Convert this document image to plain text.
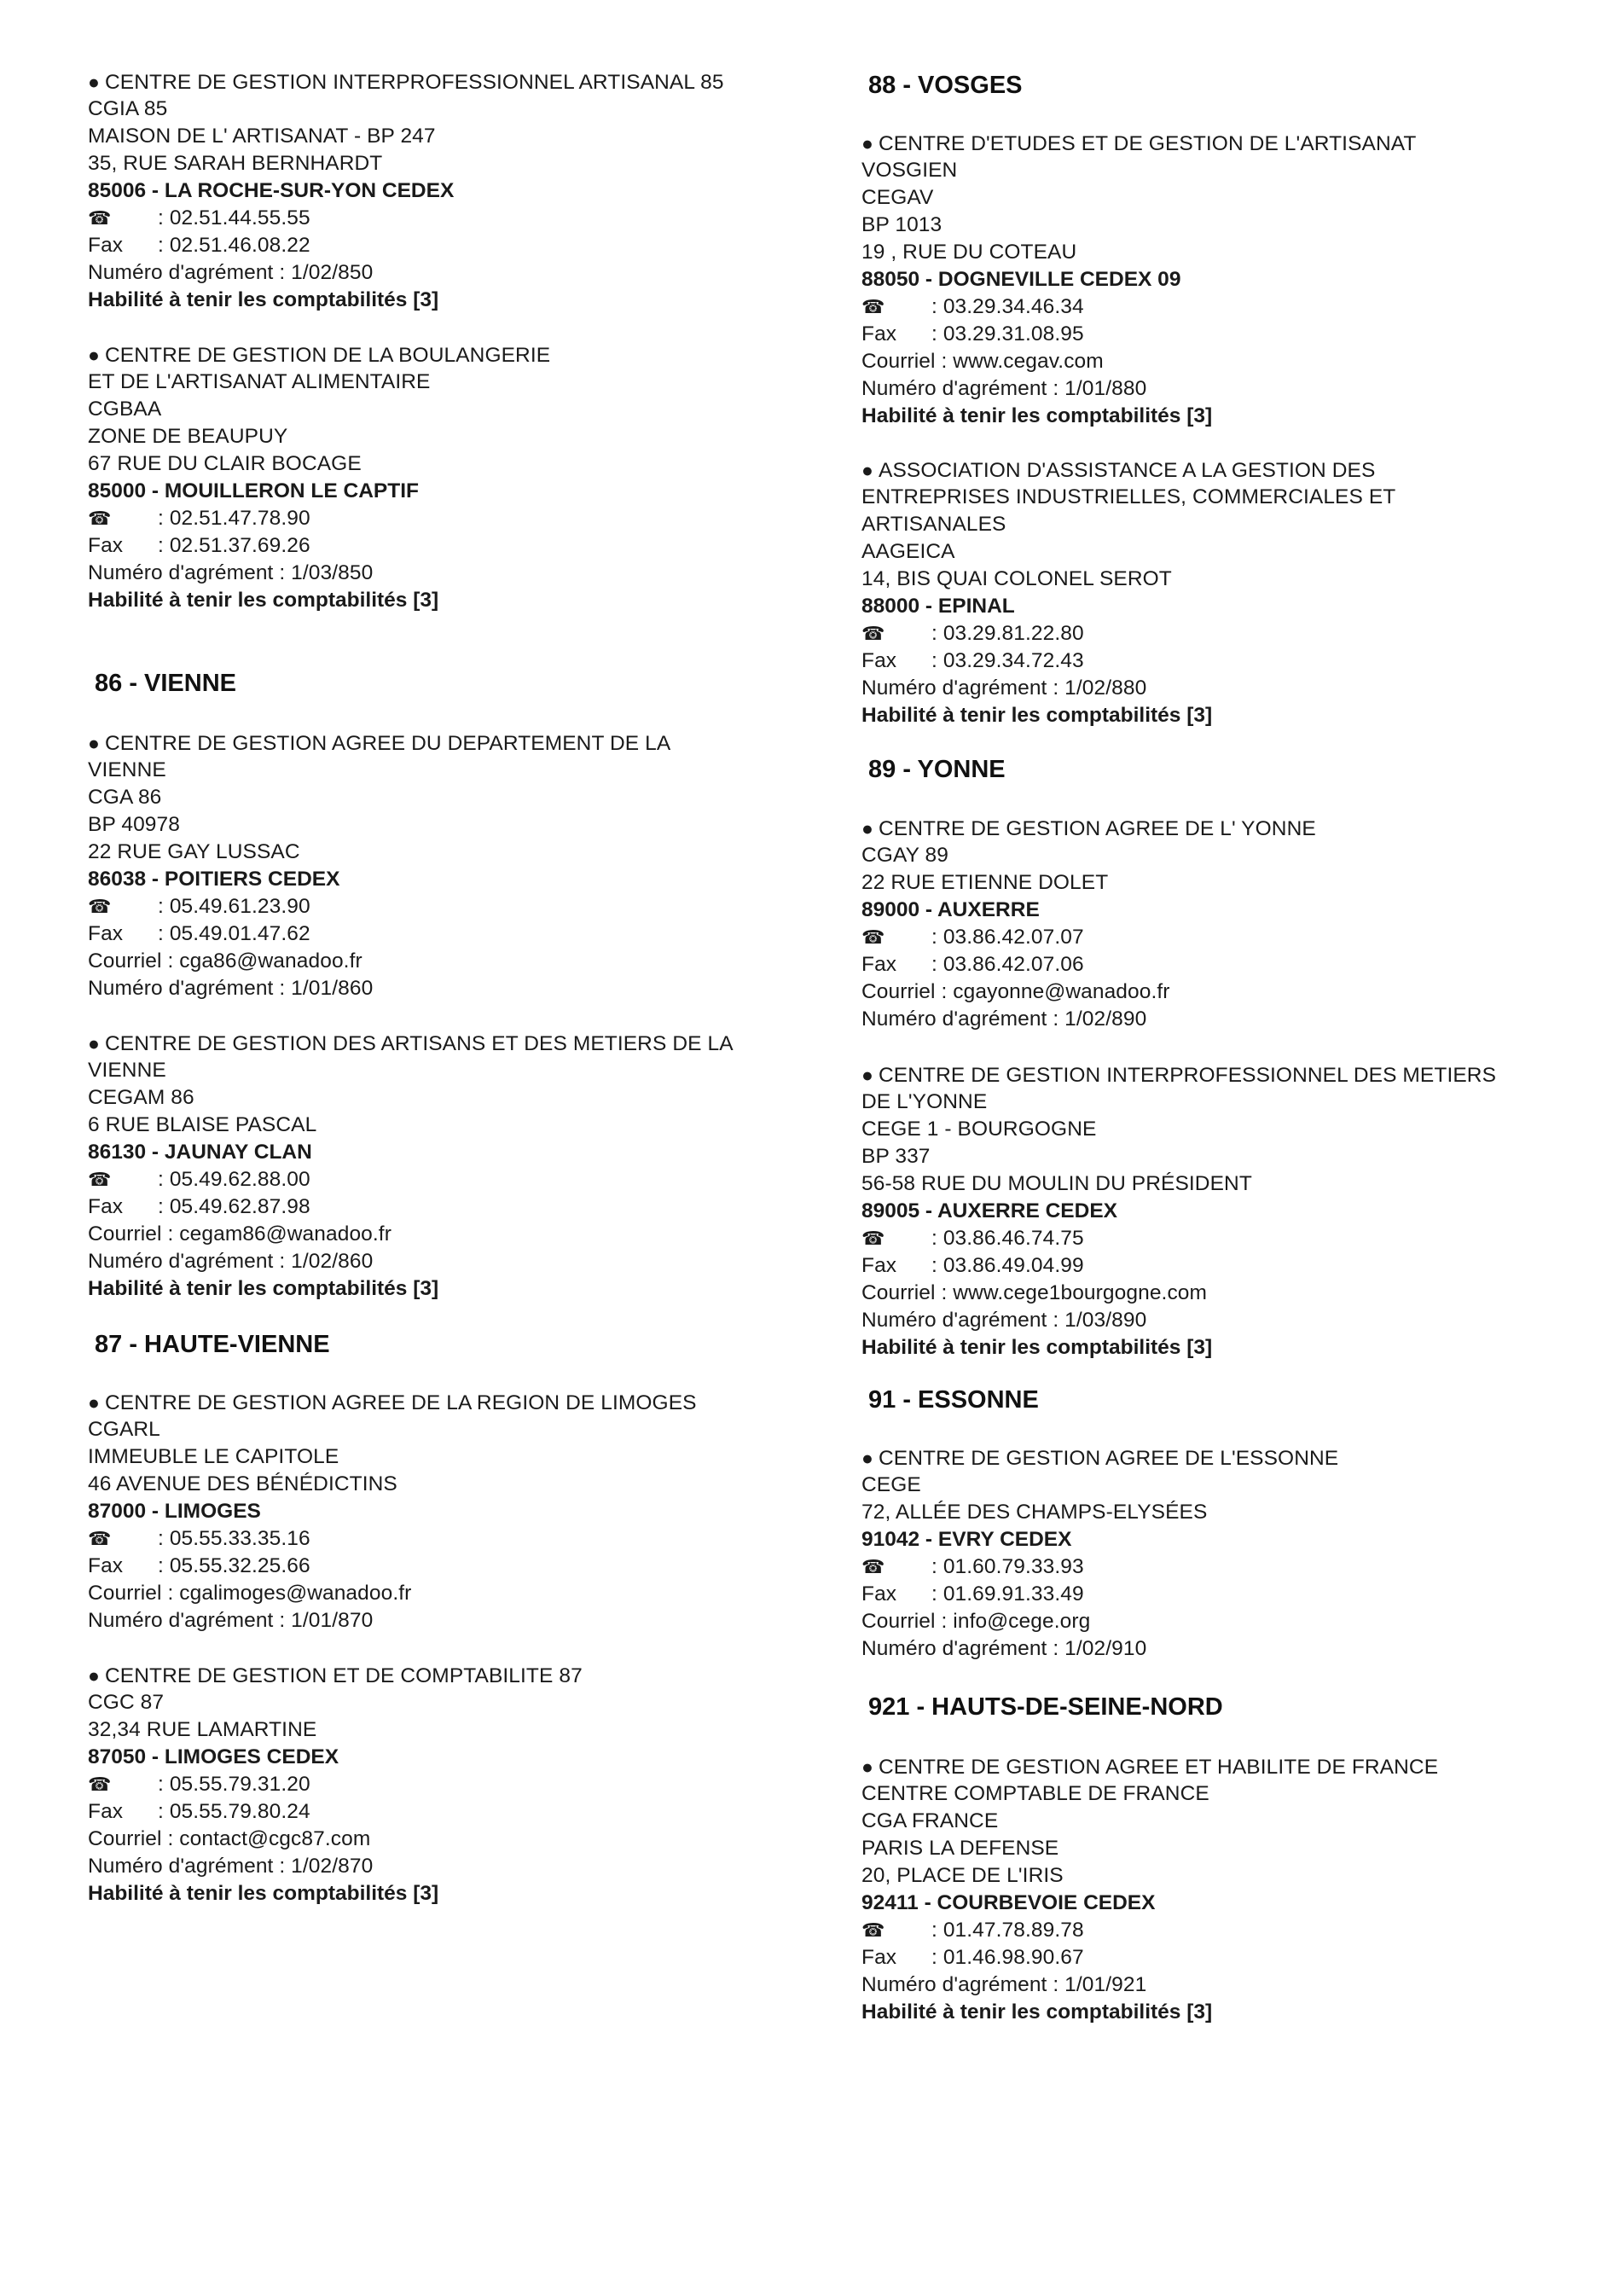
● CENTRE DE GESTION INTERPROFESSIONNEL ARTISANAL 85
CGIA 85
MAISON DE L' ARTISANAT - BP 247
35, RUE SARAH BERNHARDT
85006 - LA ROCHE-SUR-YON CEDEX
☎ : 02.51.44.55.55
Fax : 02.51.46.08.22
Numéro d'agrément : 1/02/850
Habilité à tenir les comptabilités [3]
● CENTRE DE GESTION DE LA BOULANGERIE
ET DE L'ARTISANAT ALIMENTAIRE
CGBAA
ZONE DE BEAUPUY
67 RUE DU CLAIR BOCAGE
85000 - MOUILLERON LE CAPTIF
☎ : 02.51.47.78.90
Fax : 02.51.37.69.26
Numéro d'agrément : 1/03/850
Habilité à tenir les comptabilités [3]
86 - VIENNE
● CENTRE DE GESTION AGREE DU DEPARTEMENT DE LA
VIENNE
CGA 86
BP 40978
22 RUE GAY LUSSAC
86038 - POITIERS CEDEX
☎ : 05.49.61.23.90
Fax : 05.49.01.47.62
Courriel : cga86@wanadoo.fr
Numéro d'agrément : 1/01/860
● CENTRE DE GESTION DES ARTISANS ET DES METIERS DE LA
VIENNE
CEGAM 86
6 RUE BLAISE PASCAL
86130 - JAUNAY CLAN
☎ : 05.49.62.88.00
Fax : 05.49.62.87.98
Courriel : cegam86@wanadoo.fr
Numéro d'agrément : 1/02/860
Habilité à tenir les comptabilités [3]
87 - HAUTE-VIENNE
● CENTRE DE GESTION AGREE DE LA REGION DE LIMOGES
CGARL
IMMEUBLE LE CAPITOLE
46 AVENUE DES BÉNÉDICTINS
87000 - LIMOGES
☎ : 05.55.33.35.16
Fax : 05.55.32.25.66
Courriel : cgalimoges@wanadoo.fr
Numéro d'agrément : 1/01/870
● CENTRE DE GESTION ET DE COMPTABILITE 87
CGC 87
32,34 RUE LAMARTINE
87050 - LIMOGES CEDEX
☎ : 05.55.79.31.20
Fax : 05.55.79.80.24
Courriel : contact@cgc87.com
Numéro d'agrément : 1/02/870
Habilité à tenir les comptabilités [3]
88 - VOSGES
● CENTRE D'ETUDES ET DE GESTION DE L'ARTISANAT
VOSGIEN
CEGAV
BP 1013
19 , RUE DU COTEAU
88050 - DOGNEVILLE CEDEX 09
☎ : 03.29.34.46.34
Fax : 03.29.31.08.95
Courriel : www.cegav.com
Numéro d'agrément : 1/01/880
Habilité à tenir les comptabilités [3]
● ASSOCIATION D'ASSISTANCE A LA GESTION DES
ENTREPRISES INDUSTRIELLES, COMMERCIALES ET
ARTISANALES
AAGEICA
14, BIS QUAI COLONEL SEROT
88000 - EPINAL
☎ : 03.29.81.22.80
Fax : 03.29.34.72.43
Numéro d'agrément : 1/02/880
Habilité à tenir les comptabilités [3]
89 - YONNE
● CENTRE DE GESTION AGREE DE L' YONNE
CGAY 89
22 RUE ETIENNE DOLET
89000 - AUXERRE
☎ : 03.86.42.07.07
Fax : 03.86.42.07.06
Courriel : cgayonne@wanadoo.fr
Numéro d'agrément : 1/02/890
● CENTRE DE GESTION INTERPROFESSIONNEL DES METIERS
DE L'YONNE
CEGE 1 - BOURGOGNE
BP 337
56-58 RUE DU MOULIN DU PRÉSIDENT
89005 - AUXERRE CEDEX
☎ : 03.86.46.74.75
Fax : 03.86.49.04.99
Courriel : www.cege1bourgogne.com
Numéro d'agrément : 1/03/890
Habilité à tenir les comptabilités [3]
91 - ESSONNE
● CENTRE DE GESTION AGREE DE L'ESSONNE
CEGE
72, ALLÉE DES CHAMPS-ELYSÉES
91042 - EVRY CEDEX
☎ : 01.60.79.33.93
Fax : 01.69.91.33.49
Courriel : info@cege.org
Numéro d'agrément : 1/02/910
921 - HAUTS-DE-SEINE-NORD
● CENTRE DE GESTION AGREE ET HABILITE DE FRANCE
CENTRE COMPTABLE DE FRANCE
CGA FRANCE
PARIS LA DEFENSE
20, PLACE DE L'IRIS
92411 - COURBEVOIE CEDEX
☎ : 01.47.78.89.78
Fax : 01.46.98.90.67
Numéro d'agrément : 1/01/921
Habilité à tenir les comptabilités [3]
